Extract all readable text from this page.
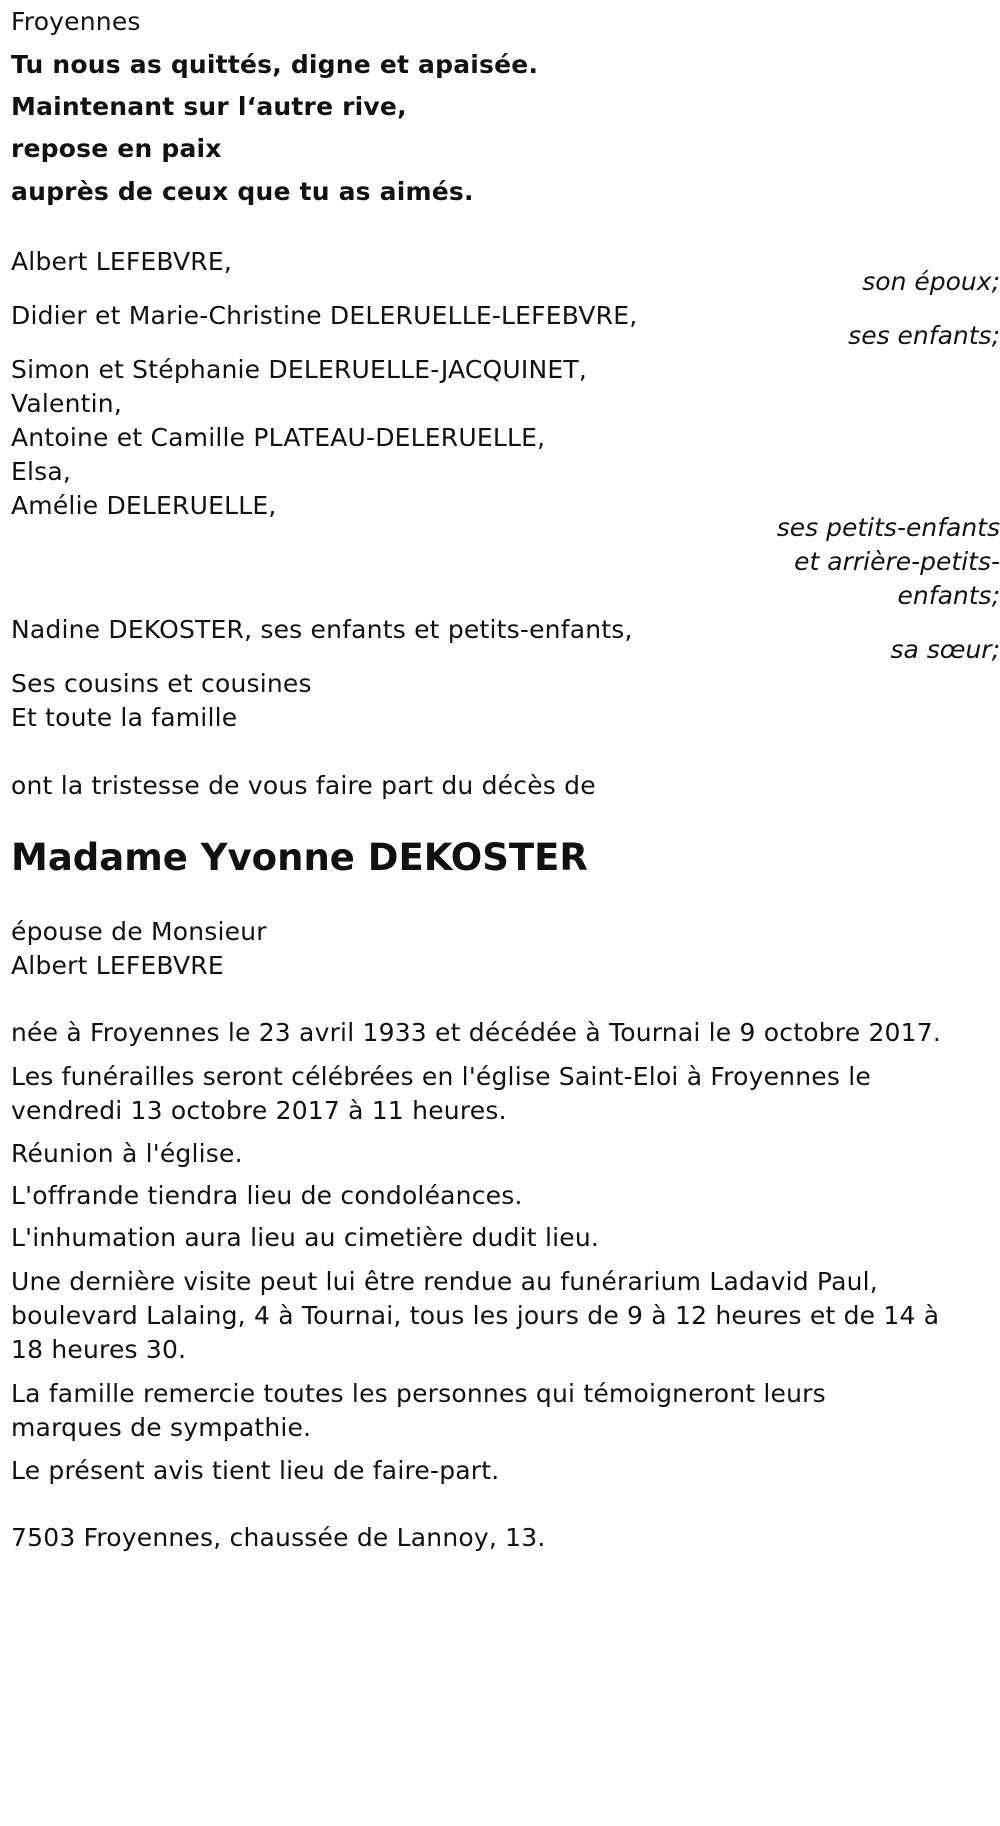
Froyennes
Tu nous as quittés, digne et apaisée.
Maintenant sur l‘autre rive,
repose en paix
auprès de ceux que tu as aimés.
Albert LEFEBVRE,
son époux;
Didier et Marie-Christine DELERUELLE-LEFEBVRE,
ses enfants;
Simon et Stéphanie DELERUELLE-JACQUINET,
Valentin,
Antoine et Camille PLATEAU-DELERUELLE,
Elsa,
Amélie DELERUELLE,
ses petits-enfants
et arrière-petits-
enfants;
Nadine DEKOSTER, ses enfants et petits-enfants,
sa sœur;
Ses cousins et cousines
Et toute la famille
ont la tristesse de vous faire part du décès de
Madame Yvonne DEKOSTER
épouse de Monsieur
Albert LEFEBVRE
née à Froyennes le 23 avril 1933 et décédée à Tournai le 9 octobre 2017.
Les funérailles seront célébrées en l'église Saint-Eloi à Froyennes le
vendredi 13 octobre 2017 à 11 heures.
Réunion à l'église.
L'offrande tiendra lieu de condoléances.
L'inhumation aura lieu au cimetière dudit lieu.
Une dernière visite peut lui être rendue au funérarium Ladavid Paul,
boulevard Lalaing, 4 à Tournai, tous les jours de 9 à 12 heures et de 14 à
18 heures 30.
La famille remercie toutes les personnes qui témoigneront leurs
marques de sympathie.
Le présent avis tient lieu de faire-part.
7503 Froyennes, chaussée de Lannoy, 13.
